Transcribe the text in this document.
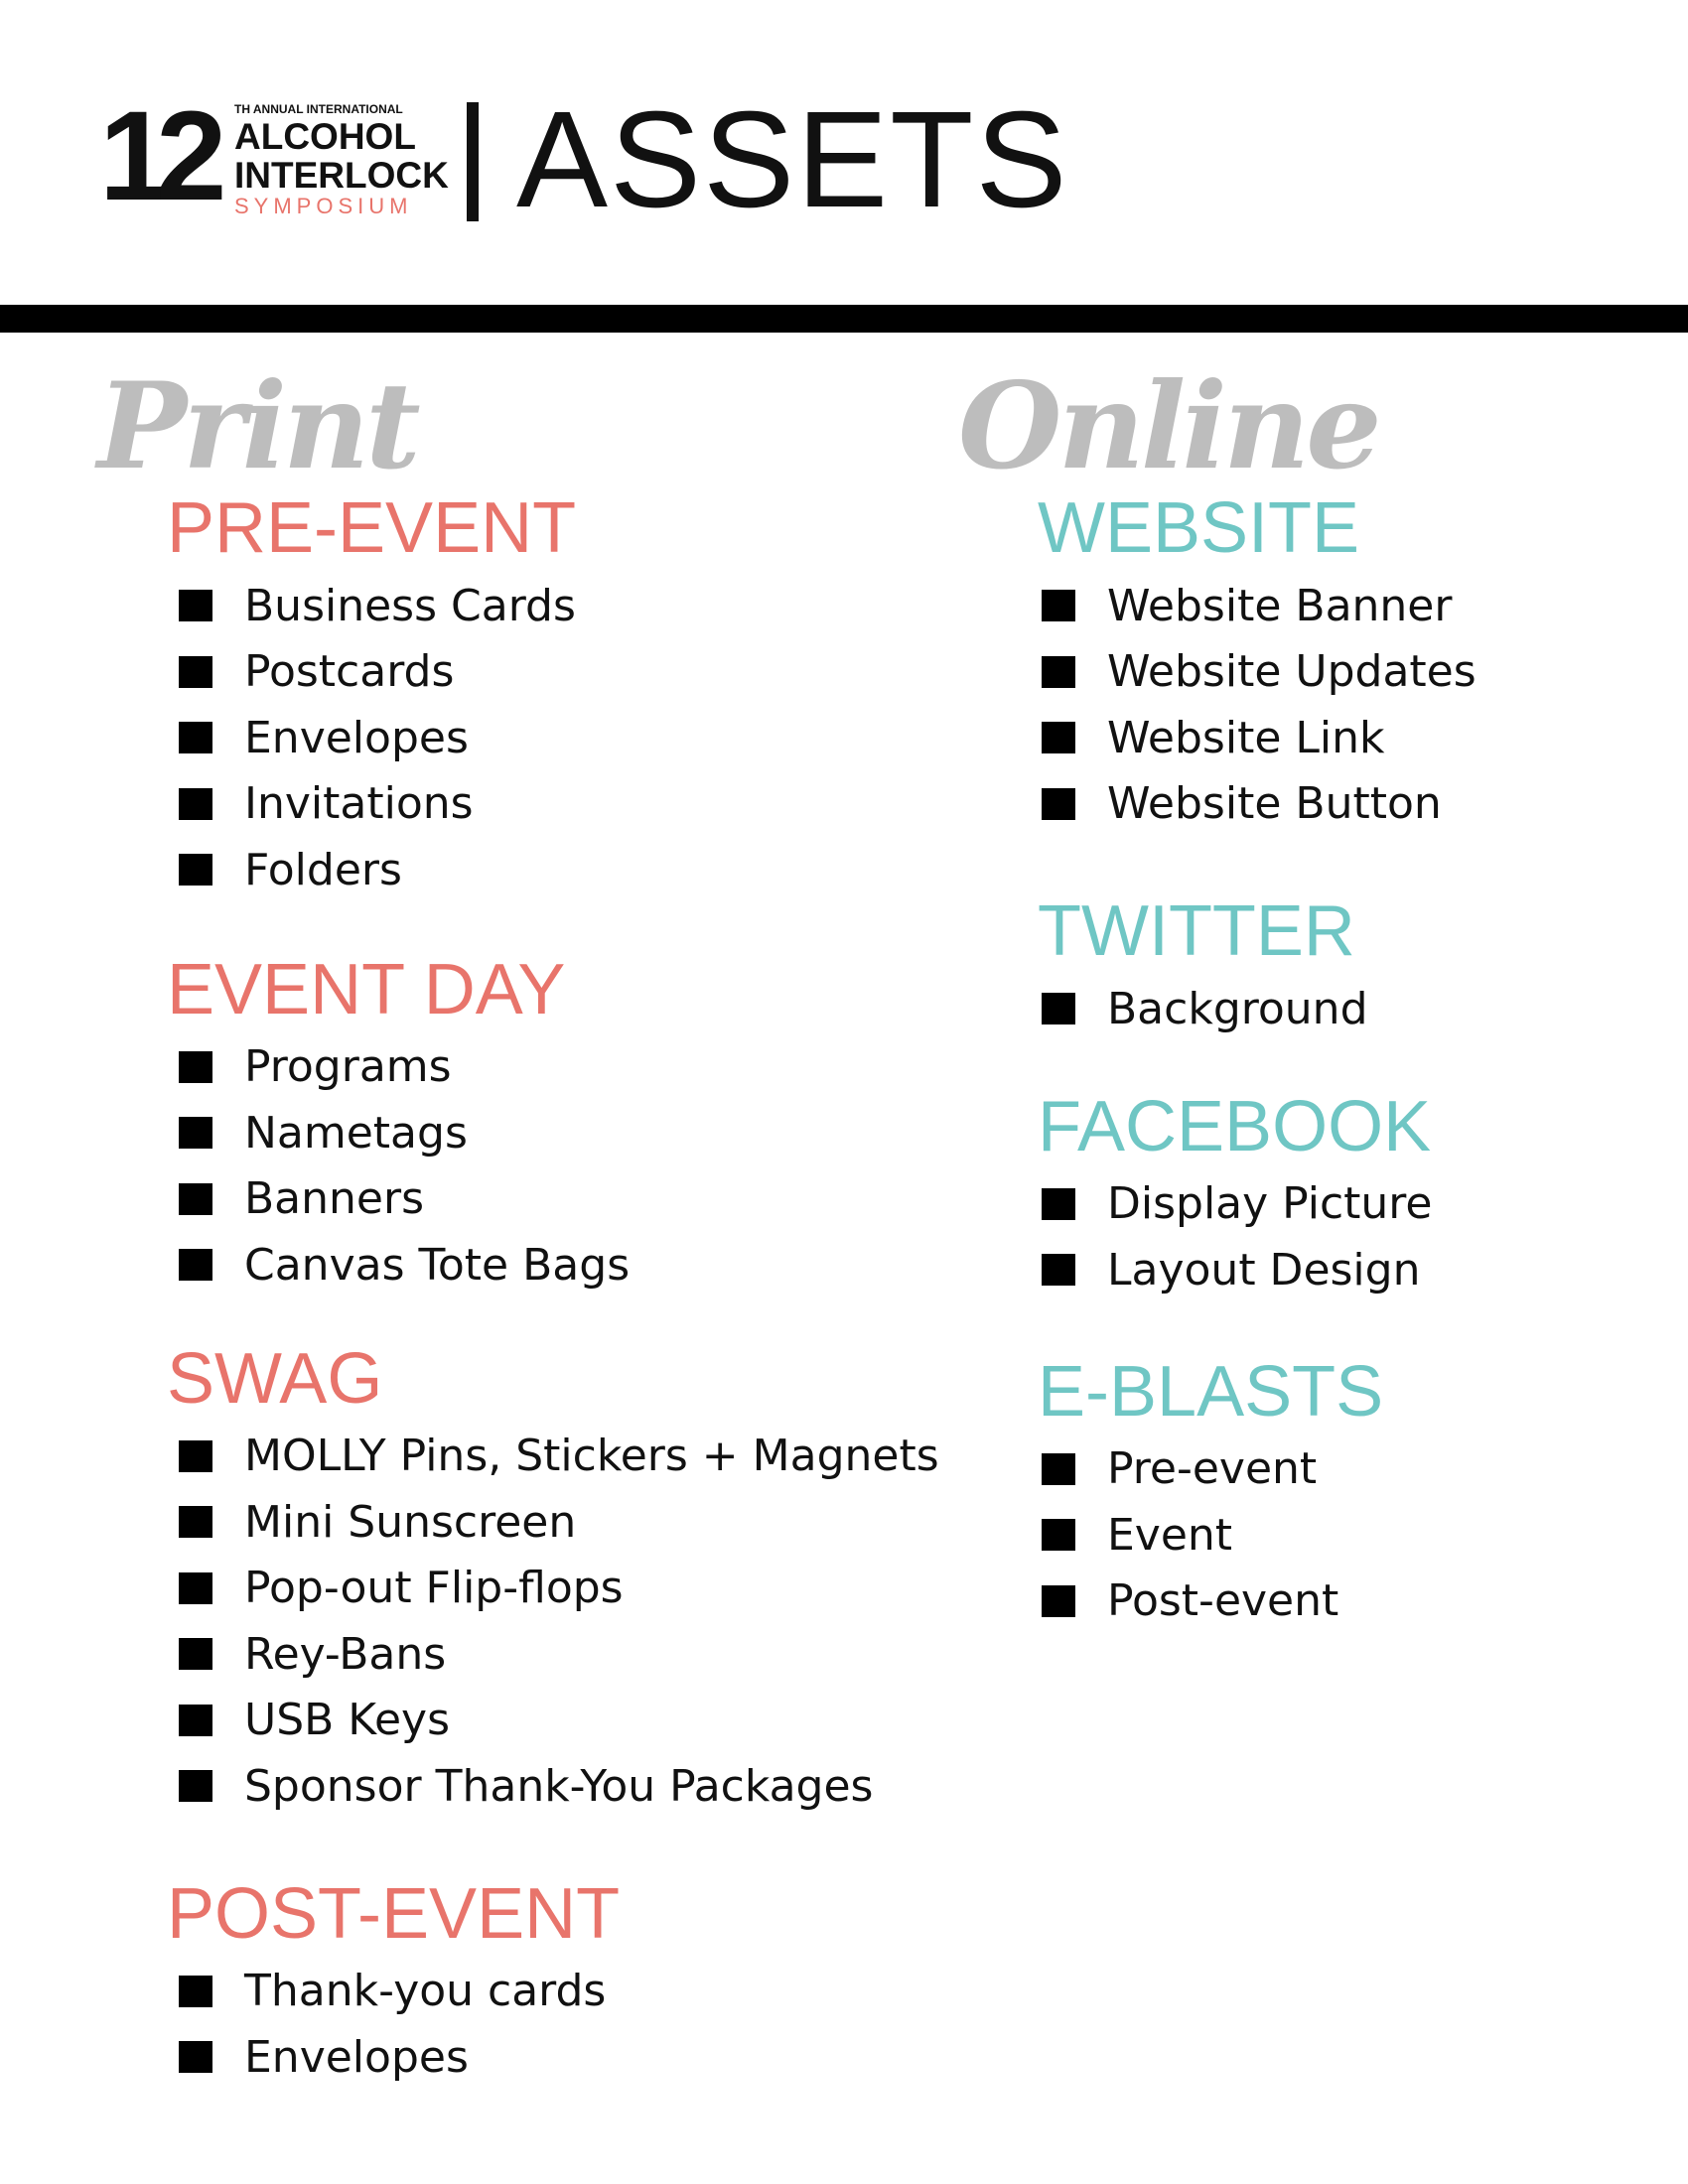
12 TH ANNUAL INTERNATIONAL
ALCOHOL
INTERLOCK
SYMPOSIUM ASSETS
Print
PRE-EVENT
Business Cards
Postcards
Envelopes
Invitations
Folders
EVENT DAY
Programs
Nametags
Banners
Canvas Tote Bags
SWAG
MOLLY Pins, Stickers + Magnets
Mini Sunscreen
Pop-out Flip-flops
Rey-Bans
USB Keys
Sponsor Thank-You Packages
POST-EVENT
Thank-you cards
Envelopes
Online
WEBSITE
Website Banner
Website Updates
Website Link
Website Button
TWITTER
Background
FACEBOOK
Display Picture
Layout Design
E-BLASTS
Pre-event
Event
Post-event
